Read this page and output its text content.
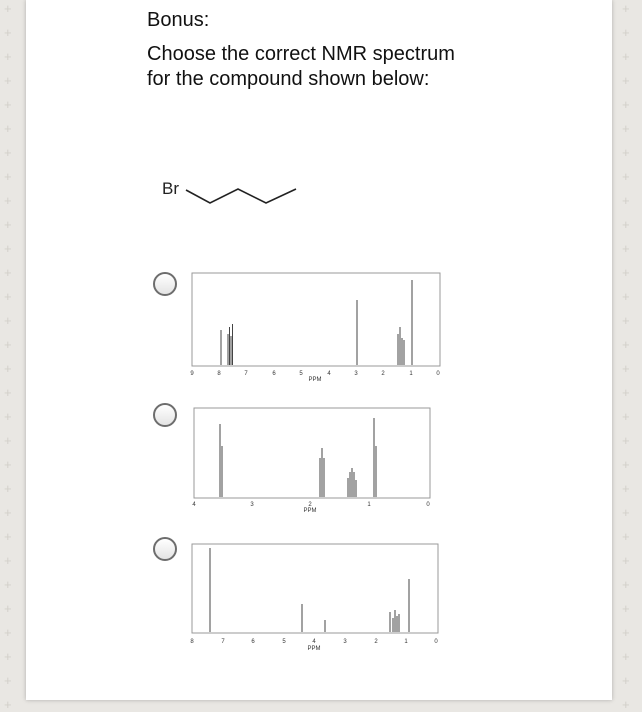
+
+
+
+
+
+
+
+
+
+
+
+
+
+
+
+
+
+
+
+
+
+
+
+
+
+
+
+
+
+
+
+
+
+
+
+
+
+
+
+
+
+
+
+
+
+
+
+
+
+
+
+
+
+
+
+
+
+
+
+
Bonus:
Choose the correct NMR spectrum for the compound shown below:
Br
9	8	7	6	5	4	3	2	1	0
PPM
4	3	2	1	0
PPM
8	7	6	5	4	3	2	1	0
PPM
